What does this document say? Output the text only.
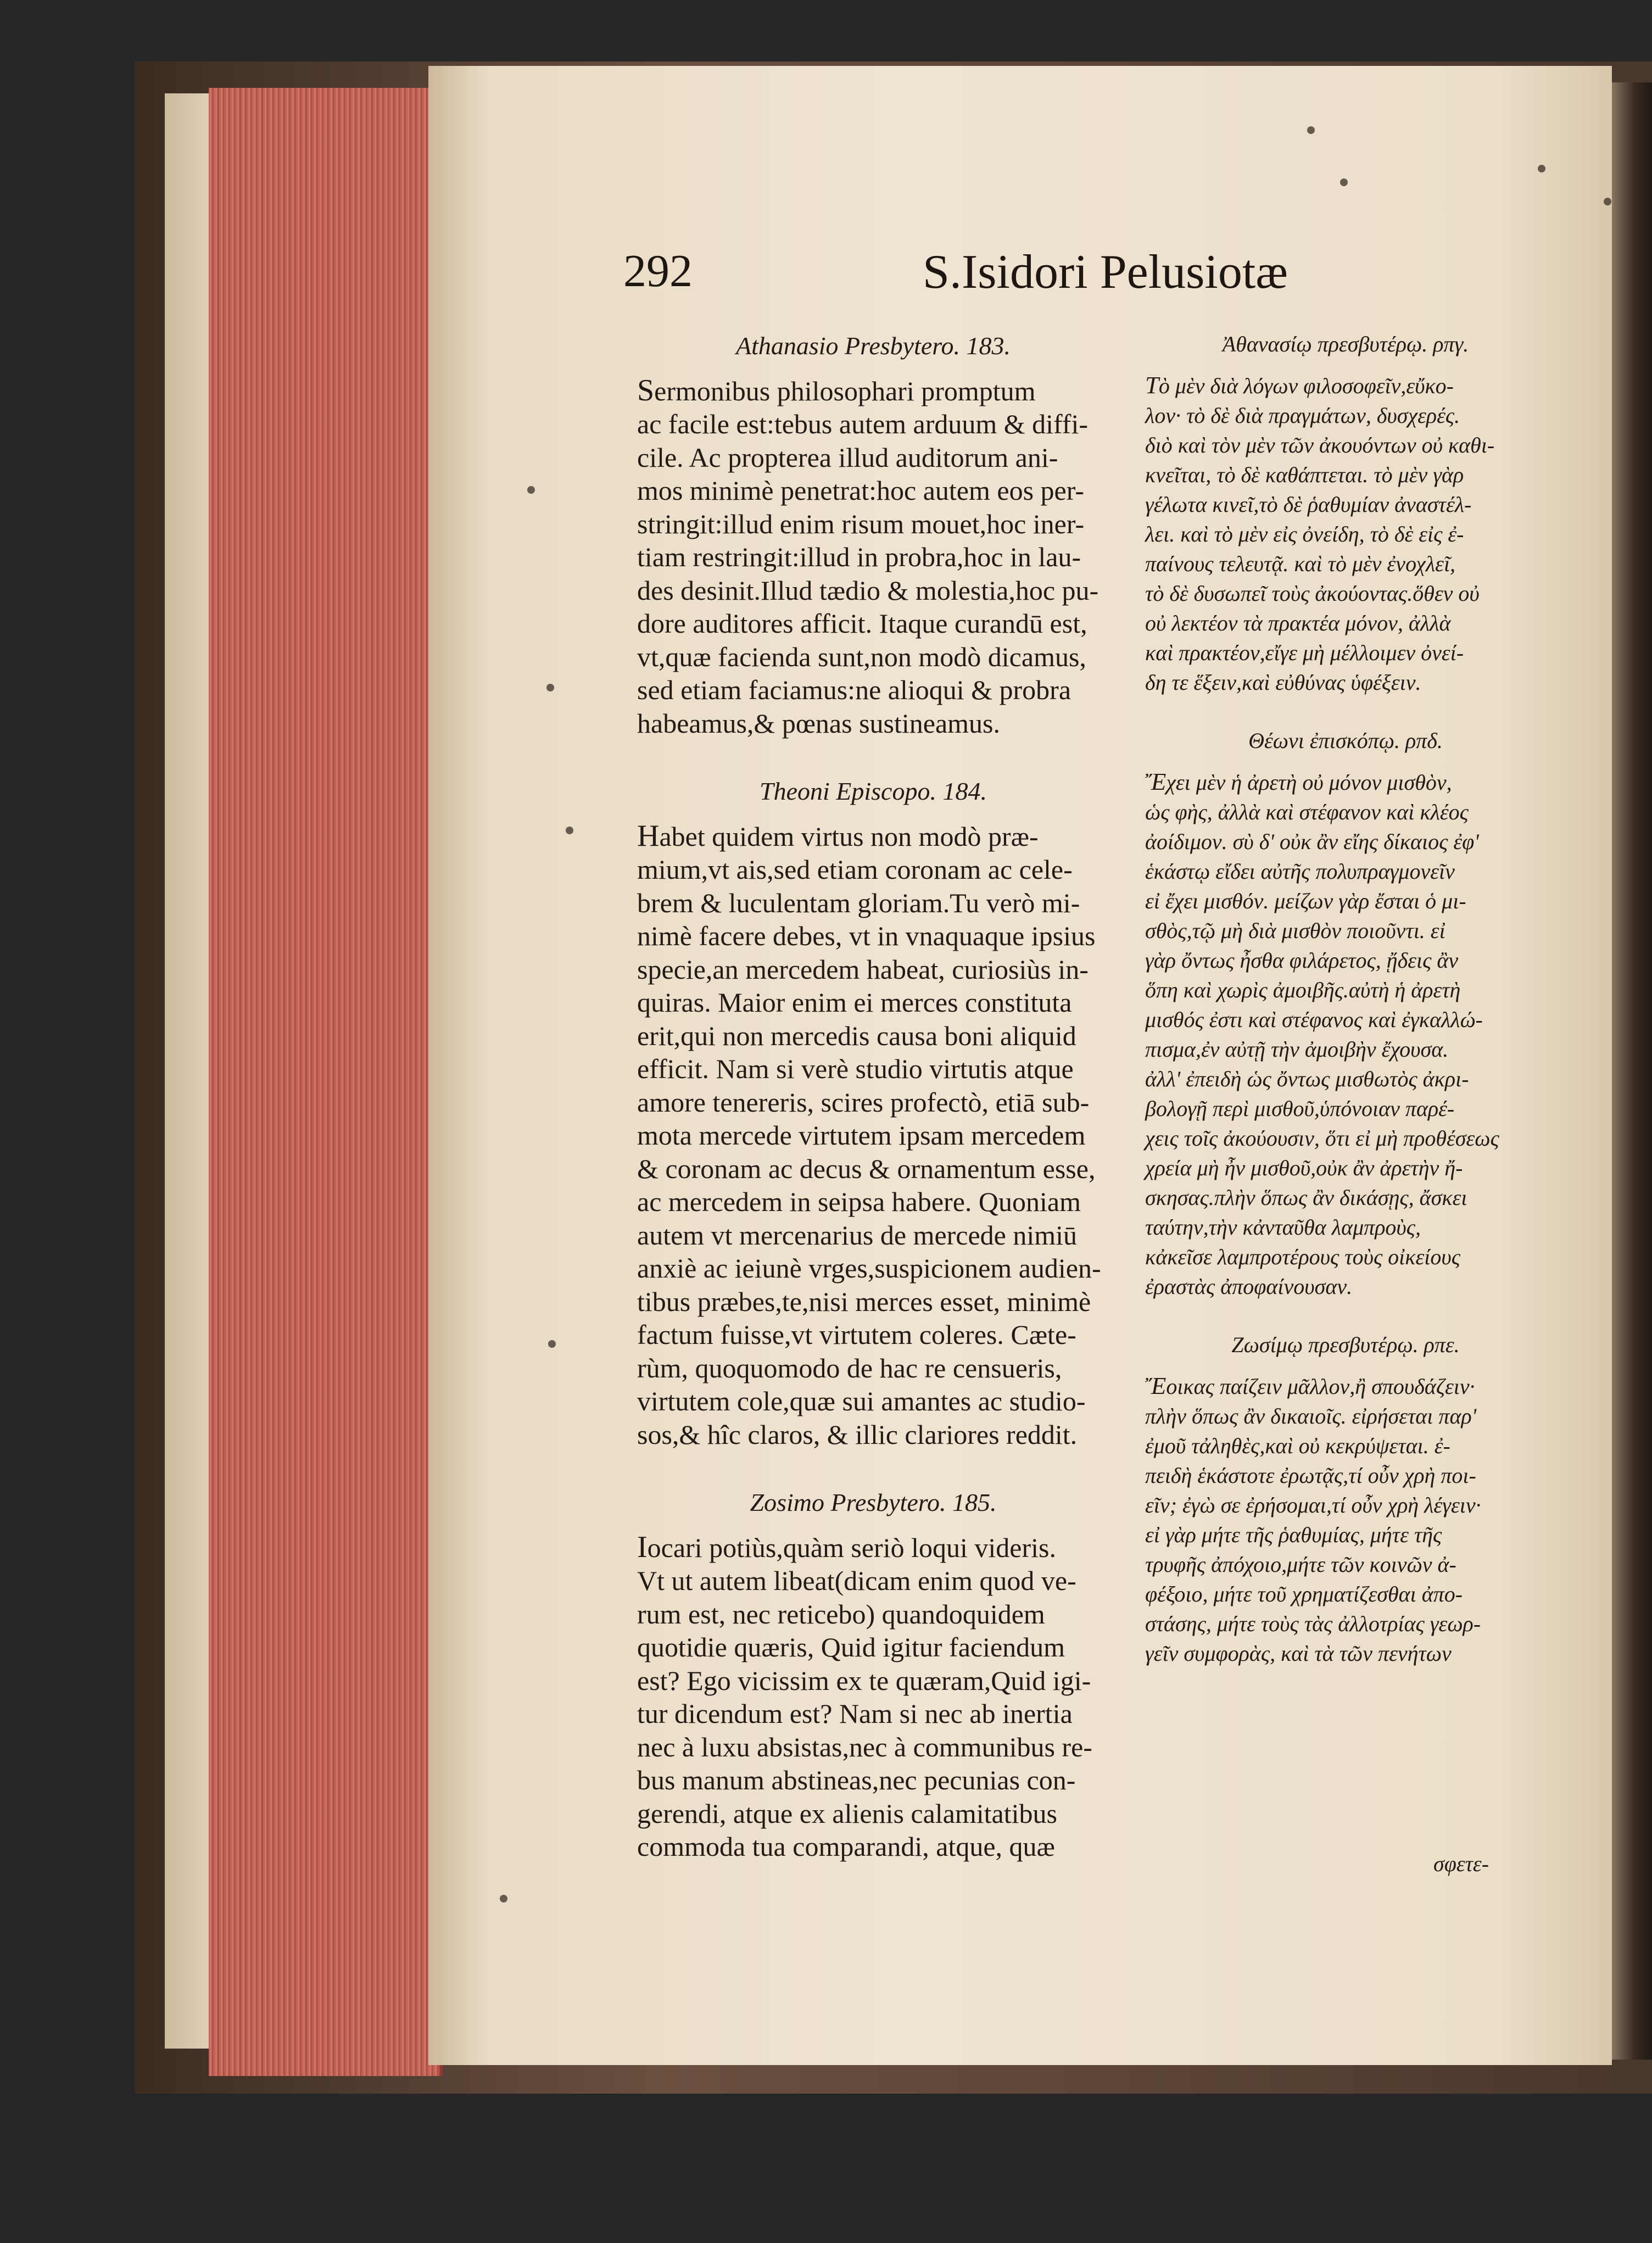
292	S.Isidori Pelusiotæ
Athanasio Presbytero. 183.
Sermonibus philosophari promptum
ac facile est:tebus autem arduum & diffi-
cile. Ac propterea illud auditorum ani-
mos minimè penetrat:hoc autem eos per-
stringit:illud enim risum mouet,hoc iner-
tiam restringit:illud in probra,hoc in lau-
des desinit.Illud tædio & molestia,hoc pu-
dore auditores afficit. Itaque curandū est,
vt,quæ facienda sunt,non modò dicamus,
sed etiam faciamus:ne alioqui & probra
habeamus,& pœnas sustineamus.
Theoni Episcopo. 184.
Habet quidem virtus non modò præ-
mium,vt ais,sed etiam coronam ac cele-
brem & luculentam gloriam.Tu verò mi-
nimè facere debes, vt in vnaquaque ipsius
specie,an mercedem habeat, curiosiùs in-
quiras. Maior enim ei merces constituta
erit,qui non mercedis causa boni aliquid
efficit. Nam si verè studio virtutis atque
amore tenereris, scires profectò, etiā sub-
mota mercede virtutem ipsam mercedem
& coronam ac decus & ornamentum esse,
ac mercedem in seipsa habere. Quoniam
autem vt mercenarius de mercede nimiū
anxiè ac ieiunè vrges,suspicionem audien-
tibus præbes,te,nisi merces esset, minimè
factum fuisse,vt virtutem coleres. Cæte-
rùm, quoquomodo de hac re censueris,
virtutem cole,quæ sui amantes ac studio-
sos,& hîc claros, & illic clariores reddit.
Zosimo Presbytero. 185.
Iocari potiùs,quàm seriò loqui videris.
Vt ut autem libeat(dicam enim quod ve-
rum est, nec reticebo) quandoquidem
quotidie quæris, Quid igitur faciendum
est? Ego vicissim ex te quæram,Quid igi-
tur dicendum est? Nam si nec ab inertia
nec à luxu absistas,nec à communibus re-
bus manum abstineas,nec pecunias con-
gerendi, atque ex alienis calamitatibus
commoda tua comparandi, atque, quæ
Ἀθανασίῳ πρεσβυτέρῳ. ρπγ.
Τὸ μὲν διὰ λόγων φιλοσοφεῖν,εὔκο-
λον· τὸ δὲ διὰ πραγμάτων, δυσχερές.
διὸ καὶ τὸν μὲν τῶν ἀκουόντων οὐ καθι-
κνεῖται, τὸ δὲ καθάπτεται. τὸ μὲν γὰρ
γέλωτα κινεῖ,τὸ δὲ ῥαθυμίαν ἀναστέλ-
λει. καὶ τὸ μὲν εἰς ὀνείδη, τὸ δὲ εἰς ἐ-
παίνους τελευτᾷ. καὶ τὸ μὲν ἐνοχλεῖ,
τὸ δὲ δυσωπεῖ τοὺς ἀκούοντας.ὅθεν οὐ
οὐ λεκτέον τὰ πρακτέα μόνον, ἀλλὰ
καὶ πρακτέον,εἴγε μὴ μέλλοιμεν ὀνεί-
δη τε ἕξειν,καὶ εὐθύνας ὑφέξειν.
Θέωνι ἐπισκόπῳ. ρπδ.
Ἔχει μὲν ἡ ἀρετὴ οὐ μόνον μισθὸν,
ὡς φὴς, ἀλλὰ καὶ στέφανον καὶ κλέος
ἀοίδιμον. σὺ δ' οὐκ ἂν εἴης δίκαιος ἐφ'
ἑκάστῳ εἴδει αὐτῆς πολυπραγμονεῖν
εἰ ἔχει μισθόν. μείζων γὰρ ἔσται ὁ μι-
σθὸς,τῷ μὴ διὰ μισθὸν ποιοῦντι. εἰ
γὰρ ὄντως ἦσθα φιλάρετος, ᾔδεις ἂν
ὅπη καὶ χωρὶς ἀμοιβῆς.αὐτὴ ἡ ἀρετὴ
μισθός ἐστι καὶ στέφανος καὶ ἐγκαλλώ-
πισμα,ἐν αὐτῇ τὴν ἀμοιβὴν ἔχουσα.
ἀλλ' ἐπειδὴ ὡς ὄντως μισθωτὸς ἀκρι-
βολογῇ περὶ μισθοῦ,ὑπόνοιαν παρέ-
χεις τοῖς ἀκούουσιν, ὅτι εἰ μὴ προθέσεως
χρεία μὴ ἦν μισθοῦ,οὐκ ἂν ἀρετὴν ἤ-
σκησας.πλὴν ὅπως ἂν δικάσῃς, ἄσκει
ταύτην,τὴν κἀνταῦθα λαμπροὺς,
κἀκεῖσε λαμπροτέρους τοὺς οἰκείους
ἐραστὰς ἀποφαίνουσαν.
Ζωσίμῳ πρεσβυτέρῳ. ρπε.
Ἔοικας παίζειν μᾶλλον,ἢ σπουδάζειν·
πλὴν ὅπως ἂν δικαιοῖς. εἰρήσεται παρ'
ἐμοῦ τἀληθὲς,καὶ οὐ κεκρύψεται. ἐ-
πειδὴ ἑκάστοτε ἐρωτᾷς,τί οὖν χρὴ ποι-
εῖν; ἐγὼ σε ἐρήσομαι,τί οὖν χρὴ λέγειν·
εἰ γὰρ μήτε τῆς ῥαθυμίας, μήτε τῆς
τρυφῆς ἀπόχοιο,μήτε τῶν κοινῶν ἀ-
φέξοιο, μήτε τοῦ χρηματίζεσθαι ἀπο-
στάσης, μήτε τοὺς τὰς ἀλλοτρίας γεωρ-
γεῖν συμφορὰς, καὶ τὰ τῶν πενήτων
σφετε-
